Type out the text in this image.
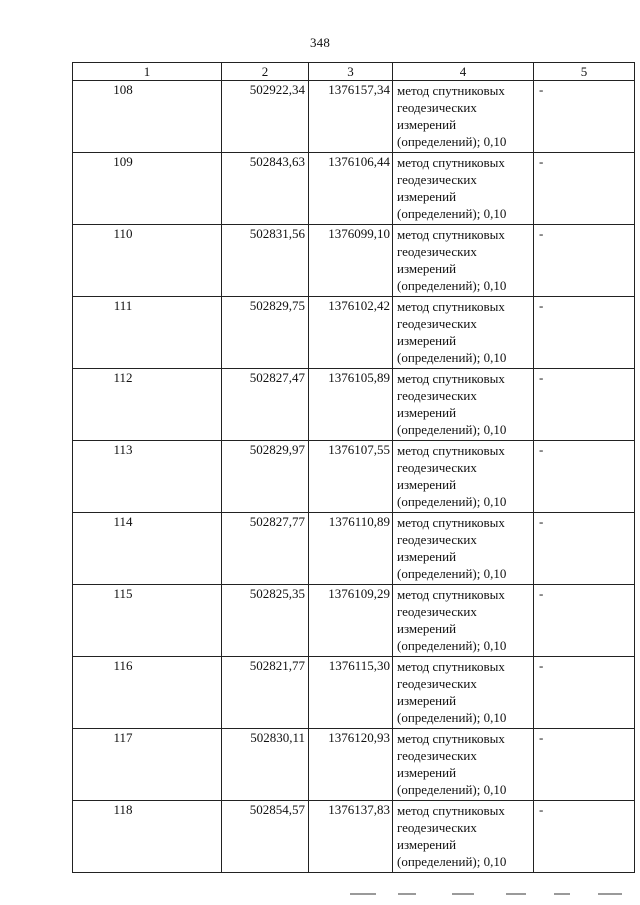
348
1	2	3	4	5
108	502922,34	1376157,34	метод спутниковых
геодезических
измерений
(определений); 0,10	-
109	502843,63	1376106,44	метод спутниковых
геодезических
измерений
(определений); 0,10	-
110	502831,56	1376099,10	метод спутниковых
геодезических
измерений
(определений); 0,10	-
111	502829,75	1376102,42	метод спутниковых
геодезических
измерений
(определений); 0,10	-
112	502827,47	1376105,89	метод спутниковых
геодезических
измерений
(определений); 0,10	-
113	502829,97	1376107,55	метод спутниковых
геодезических
измерений
(определений); 0,10	-
114	502827,77	1376110,89	метод спутниковых
геодезических
измерений
(определений); 0,10	-
115	502825,35	1376109,29	метод спутниковых
геодезических
измерений
(определений); 0,10	-
116	502821,77	1376115,30	метод спутниковых
геодезических
измерений
(определений); 0,10	-
117	502830,11	1376120,93	метод спутниковых
геодезических
измерений
(определений); 0,10	-
118	502854,57	1376137,83	метод спутниковых
геодезических
измерений
(определений); 0,10	-
